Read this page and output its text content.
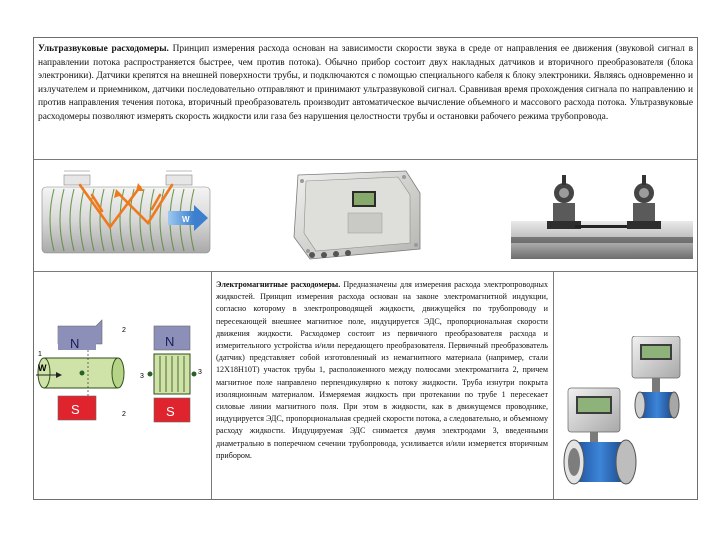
Ультразвуковые расходомеры. Принцип измерения расхода основан на зависимости скорости звука в среде от направления ее движения (звуковой сигнал в направлении потока распространяется быстрее, чем против потока). Обычно прибор состоит двух накладных датчиков и вторичного преобразователя (блока электроники). Датчики крепятся на внешней поверхности трубы, и подключаются с помощью специального кабеля к блоку электроники. Являясь одновременно и излучателем и приемником, датчики последовательно отправляют и принимают ультразвуковой сигнал. Сравнивая время прохождения сигнала по направлению и против направления течения потока, вторичный преобразователь производит автоматическое вычисление объемного и массового расхода потока. Ультразвуковые расходомеры позволяют измерять скорость жидкости или газа без нарушения целостности трубы и остановки рабочего режима трубопровода.
W
N
W
S
2
1
2
N
S
3
3
Электромагнитные расходомеры. Предназначены для измерения расхода электропроводных жидкостей. Принцип измерения расхода основан на законе электромагнитной индукции, согласно которому в электропроводящей жидкости, движущейся по трубопроводу и пересекающей внешнее магнитное поле, индуцируется ЭДС, пропорциональная скорости движения жидкости. Расходомер состоит из первичного преобразователя расхода и измерительного устройства и/или передающего преобразователя. Первичный преобразователь (датчик) представляет собой изготовленный из немагнитного материала (например, стали 12Х18Н10Т) участок трубы 1, расположенного между полюсами электромагнита 2, причем магнитное поле направлено перпендикулярно к потоку жидкости. Труба изнутри покрыта изоляционным материалом. Измеряемая жидкость при протекании по трубе 1 пересекает силовые линии магнитного поля. При этом в жидкости, как в движущемся проводнике, индуцируется ЭДС, пропорциональная средней скорости потока, а следовательно, и объемному расходу жидкости. Индуцируемая ЭДС снимается двумя электродами 3, введенными диаметрально в поперечном сечении трубопровода, усиливается и/или измеряется вторичным прибором.
